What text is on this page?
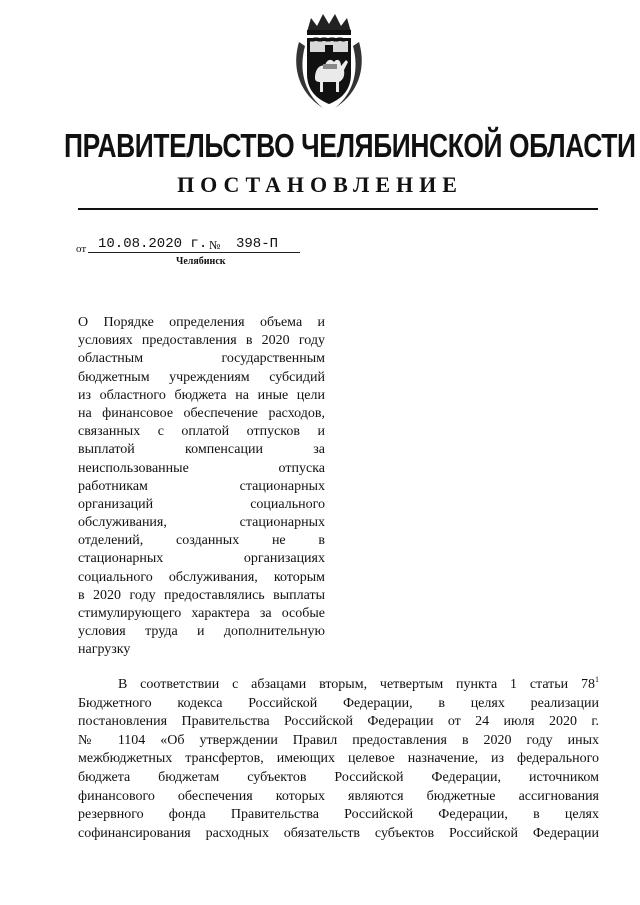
ПРАВИТЕЛЬСТВО ЧЕЛЯБИНСКОЙ ОБЛАСТИ
ПОСТАНОВЛЕНИЕ
от 10.08.2020 г. №	398-П
Челябинск
О Порядке определения объема и
условиях предоставления в 2020 году
областным государственным
бюджетным учреждениям субсидий
из областного бюджета на иные цели
на финансовое обеспечение расходов,
связанных с оплатой отпусков и
выплатой компенсации за
неиспользованные отпуска
работникам стационарных
организаций социального
обслуживания, стационарных
отделений, созданных не в
стационарных организациях
социального обслуживания, которым
в 2020 году предоставлялись выплаты
стимулирующего характера за особые
условия труда и дополнительную
нагрузку
В соответствии с абзацами вторым, четвертым пункта 1 статьи $78^1$
Бюджетного кодекса Российской Федерации, в целях реализации
постановления Правительства Российской Федерации от 24 июля 2020 г.
№ 1104 «Об утверждении Правил предоставления в 2020 году иных
межбюджетных трансфертов, имеющих целевое назначение, из федерального
бюджета бюджетам субъектов Российской Федерации, источником
финансового обеспечения которых являются бюджетные ассигнования
резервного фонда Правительства Российской Федерации, в целях
софинансирования расходных обязательств субъектов Российской Федерации
